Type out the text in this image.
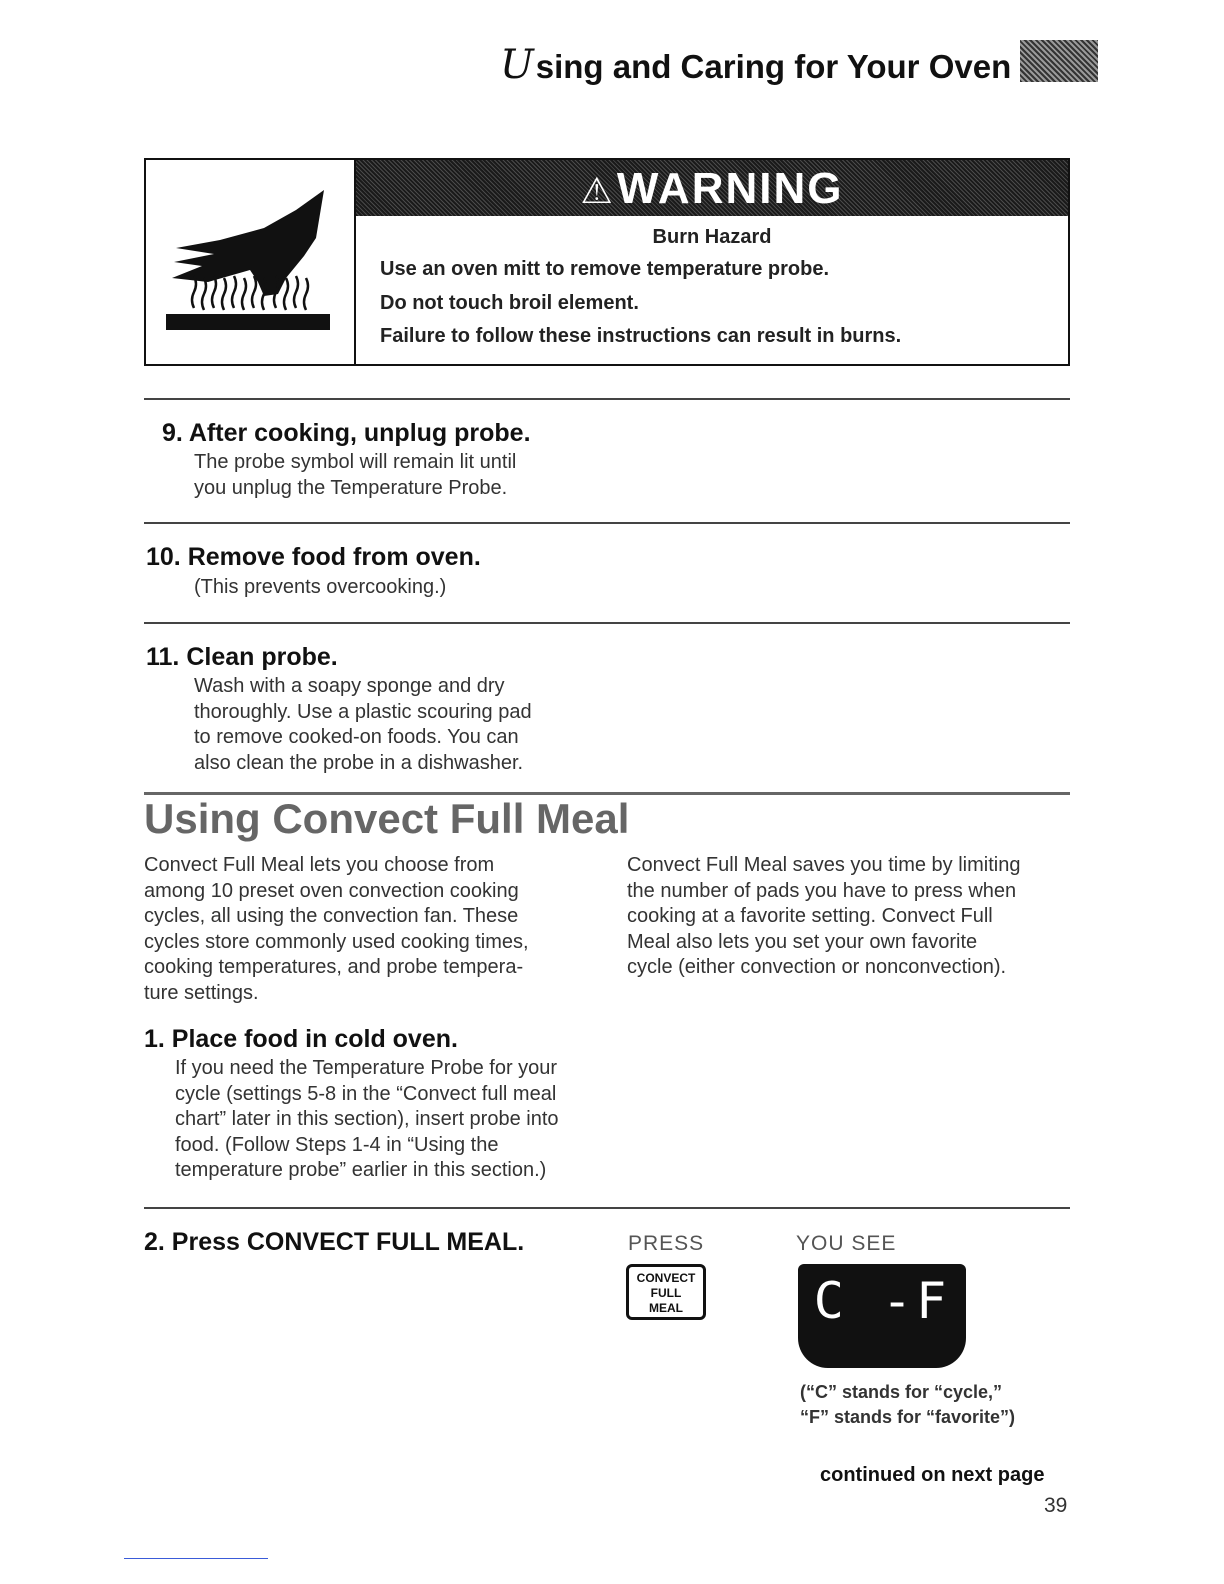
Using and Caring for Your Oven
⚠WARNING
Burn Hazard
Use an oven mitt to remove temperature probe.
Do not touch broil element.
Failure to follow these instructions can result in burns.
9. After cooking, unplug probe.
The probe symbol will remain lit until
you unplug the Temperature Probe.
10. Remove food from oven.
(This prevents overcooking.)
11. Clean probe.
Wash with a soapy sponge and dry
thoroughly. Use a plastic scouring pad
to remove cooked-on foods. You can
also clean the probe in a dishwasher.
Using Convect Full Meal
Convect Full Meal lets you choose from
among 10 preset oven convection cooking
cycles, all using the convection fan. These
cycles store commonly used cooking times,
cooking temperatures, and probe tempera-
ture settings.
Convect Full Meal saves you time by limiting
the number of pads you have to press when
cooking at a favorite setting. Convect Full
Meal also lets you set your own favorite
cycle (either convection or nonconvection).
1. Place food in cold oven.
If you need the Temperature Probe for your
cycle (settings 5-8 in the “Convect full meal
chart” later in this section), insert probe into
food. (Follow Steps 1-4 in “Using the
temperature probe” earlier in this section.)
2. Press CONVECT FULL MEAL.	PRESS	YOU SEE
CONVECT
FULL
MEAL	C -F
(“C” stands for “cycle,”
“F” stands for “favorite”)
continued on next page
39
